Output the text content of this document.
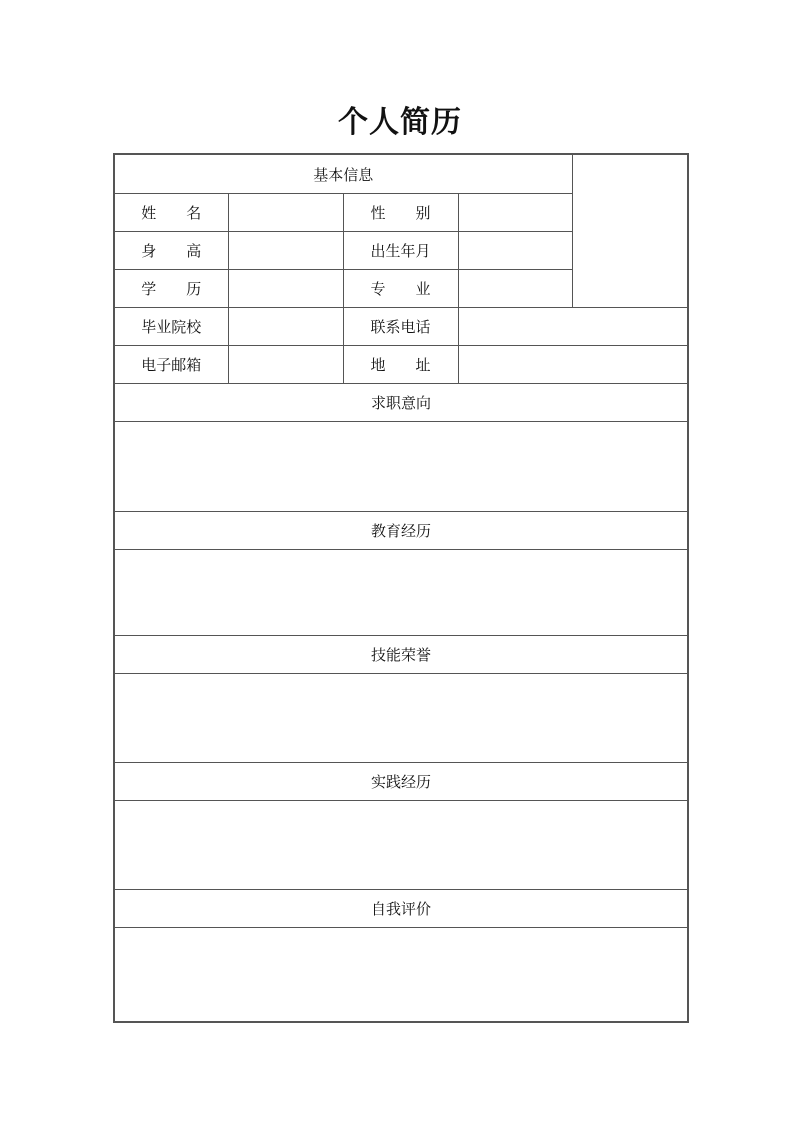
个人简历
基本信息				
姓　　名		性　　别		
身　　高		出生年月		
学　　历		专　　业		
毕业院校		联系电话		
电子邮箱		地　　址		
求职意向				

教育经历				

技能荣誉				

实践经历				

自我评价				
